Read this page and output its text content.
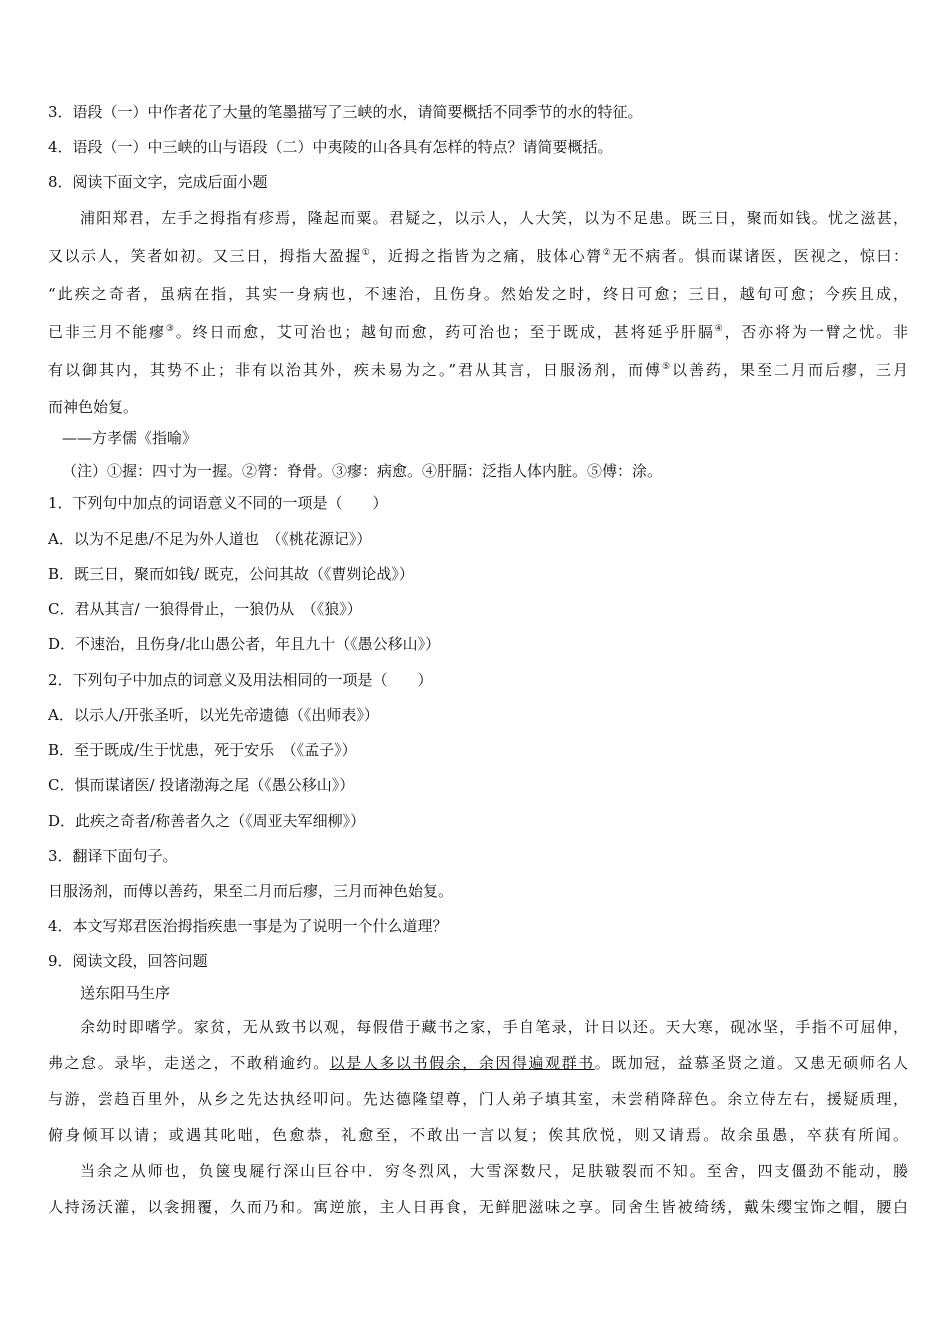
3．语段（一）中作者花了大量的笔墨描写了三峡的水，请简要概括不同季节的水的特征。
4．语段（一）中三峡的山与语段（二）中夷陵的山各具有怎样的特点？请简要概括。
8．阅读下面文字，完成后面小题
浦阳郑君，左手之拇指有疹焉，隆起而粟。君疑之，以示人，人大笑，以为不足患。既三日，聚而如钱。忧之滋甚，
又以示人，笑者如初。又三日，拇指大盈握①，近拇之指皆为之痛，肢体心膂②无不病者。惧而谋诸医，医视之，惊曰：
“此疾之奇者，虽病在指，其实一身病也，不速治，且伤身。然始发之时，终日可愈；三日，越旬可愈；今疾且成，
已非三月不能瘳③。终日而愈，艾可治也；越旬而愈，药可治也；至于既成，甚将延乎肝膈④，否亦将为一臂之忧。非
有以御其内，其势不止；非有以治其外，疾未易为之。”君从其言，日服汤剂，而傅⑤以善药，果至二月而后瘳，三月
而神色始复。
——方孝儒《指喻》
（注）①握：四寸为一握。②膂：脊骨。③瘳：病愈。④肝膈：泛指人体内脏。⑤傅：涂。
1．下列句中加点的词语意义不同的一项是（　　）
A．以为不足患/不足为外人道也　（《桃花源记》）
B．既三日，聚而如钱/ 既克，公问其故（《曹刿论战》）
C．君从其言/ 一狼得骨止，一狼仍从　（《狼》）
D．不速治，且伤身/北山愚公者，年且九十（《愚公移山》）
2．下列句子中加点的词意义及用法相同的一项是（　　）
A．以示人/开张圣听，以光先帝遗德（《出师表》）
B．至于既成/生于忧患，死于安乐　（《孟子》）
C．惧而谋诸医/ 投诸渤海之尾（《愚公移山》）
D．此疾之奇者/称善者久之（《周亚夫军细柳》）
3．翻译下面句子。
日服汤剂，而傅以善药，果至二月而后瘳，三月而神色始复。
4．本文写郑君医治拇指疾患一事是为了说明一个什么道理？
9．阅读文段，回答问题
送东阳马生序
余幼时即嗜学。家贫，无从致书以观，每假借于藏书之家，手自笔录，计日以还。天大寒，砚冰坚，手指不可屈伸，
弗之怠。录毕，走送之，不敢稍逾约。以是人多以书假余，余因得遍观群书。既加冠，益慕圣贤之道。又患无硕师名人
与游，尝趋百里外，从乡之先达执经叩问。先达德隆望尊，门人弟子填其室，未尝稍降辞色。余立侍左右，援疑质理，
俯身倾耳以请；或遇其叱咄，色愈恭，礼愈至，不敢出一言以复；俟其欣悦，则又请焉。故余虽愚，卒获有所闻。
当余之从师也，负箧曳屣行深山巨谷中．穷冬烈风，大雪深数尺，足肤皲裂而不知。至舍，四支僵劲不能动，媵
人持汤沃灌，以衾拥覆，久而乃和。寓逆旅，主人日再食，无鲜肥滋味之享。同舍生皆被绮绣，戴朱缨宝饰之帽，腰白
